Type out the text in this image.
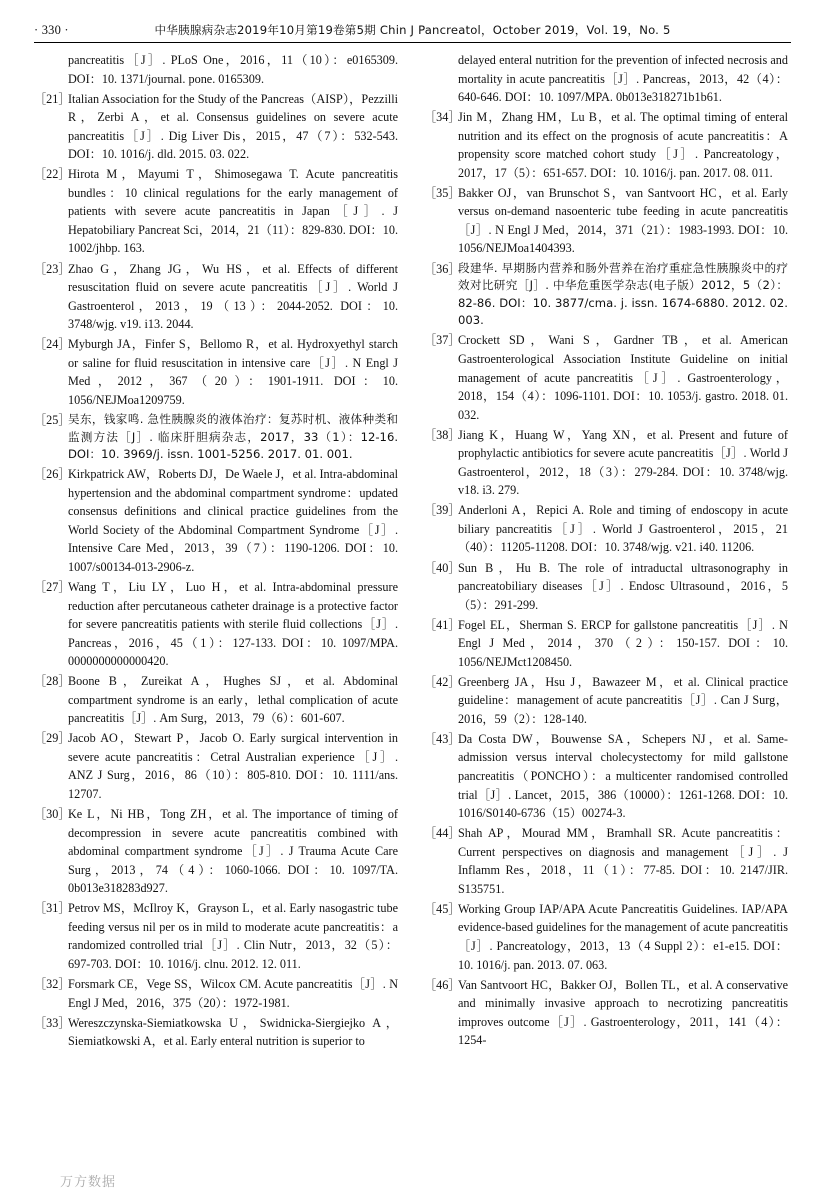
· 330 ·	中华胰腺病杂志2019年10月第19卷第5期 Chin J Pancreatol，October 2019，Vol. 19，No. 5
pancreatitis［J］. PLoS One，2016，11（10）：e0165309. DOI：10. 1371/journal. pone. 0165309.
［21］
Italian Association for the Study of the Pancreas（AISP），Pezzilli R，Zerbi A，et al. Consensus guidelines on severe acute pancreatitis［J］. Dig Liver Dis，2015，47（7）：532-543. DOI：10. 1016/j. dld. 2015. 03. 022.
［22］
Hirota M，Mayumi T，Shimosegawa T. Acute pancreatitis bundles：10 clinical regulations for the early management of patients with severe acute pancreatitis in Japan［J］. J Hepatobiliary Pancreat Sci，2014，21（11）：829-830. DOI：10. 1002/jhbp. 163.
［23］
Zhao G，Zhang JG，Wu HS，et al. Effects of different resuscitation fluid on severe acute pancreatitis［J］. World J Gastroenterol，2013，19（13）：2044-2052. DOI：10. 3748/wjg. v19. i13. 2044.
［24］
Myburgh JA，Finfer S，Bellomo R，et al. Hydroxyethyl starch or saline for fluid resuscitation in intensive care［J］. N Engl J Med，2012，367（20）：1901-1911. DOI：10. 1056/NEJMoa1209759.
［25］
吴东，钱家鸣. 急性胰腺炎的液体治疗：复苏时机、液体种类和监测方法［J］. 临床肝胆病杂志，2017，33（1）：12-16. DOI：10. 3969/j. issn. 1001-5256. 2017. 01. 001.
［26］
Kirkpatrick AW，Roberts DJ，De Waele J，et al. Intra-abdominal hypertension and the abdominal compartment syndrome：updated consensus definitions and clinical practice guidelines from the World Society of the Abdominal Compartment Syndrome［J］. Intensive Care Med，2013，39（7）：1190-1206. DOI：10. 1007/s00134-013-2906-z.
［27］
Wang T，Liu LY，Luo H，et al. Intra-abdominal pressure reduction after percutaneous catheter drainage is a protective factor for severe pancreatitis patients with sterile fluid collections［J］. Pancreas，2016，45（1）：127-133. DOI：10. 1097/MPA. 0000000000000420.
［28］
Boone B，Zureikat A，Hughes SJ，et al. Abdominal compartment syndrome is an early，lethal complication of acute pancreatitis［J］. Am Surg，2013，79（6）：601-607.
［29］
Jacob AO，Stewart P，Jacob O. Early surgical intervention in severe acute pancreatitis：Cetral Australian experience［J］. ANZ J Surg，2016，86（10）：805-810. DOI：10. 1111/ans. 12707.
［30］
Ke L，Ni HB，Tong ZH，et al. The importance of timing of decompression in severe acute pancreatitis combined with abdominal compartment syndrome［J］. J Trauma Acute Care Surg，2013，74（4）：1060-1066. DOI：10. 1097/TA. 0b013e318283d927.
［31］
Petrov MS，McIlroy K，Grayson L，et al. Early nasogastric tube feeding versus nil per os in mild to moderate acute pancreatitis：a randomized controlled trial［J］. Clin Nutr，2013，32（5）：697-703. DOI：10. 1016/j. clnu. 2012. 12. 011.
［32］
Forsmark CE，Vege SS，Wilcox CM. Acute pancreatitis［J］. N Engl J Med，2016，375（20）：1972-1981.
［33］
Wereszczynska-Siemiatkowska U，Swidnicka-Siergiejko A，Siemiatkowski A，et al. Early enteral nutrition is superior to
delayed enteral nutrition for the prevention of infected necrosis and mortality in acute pancreatitis［J］. Pancreas，2013，42（4）：640-646. DOI：10. 1097/MPA. 0b013e318271b1b61.
［34］
Jin M，Zhang HM，Lu B，et al. The optimal timing of enteral nutrition and its effect on the prognosis of acute pancreatitis：A propensity score matched cohort study［J］. Pancreatology，2017，17（5）：651-657. DOI：10. 1016/j. pan. 2017. 08. 011.
［35］
Bakker OJ，van Brunschot S，van Santvoort HC，et al. Early versus on-demand nasoenteric tube feeding in acute pancreatitis［J］. N Engl J Med，2014，371（21）：1983-1993. DOI：10. 1056/NEJMoa1404393.
［36］
段建华. 早期肠内营养和肠外营养在治疗重症急性胰腺炎中的疗效对比研究［J］. 中华危重医学杂志(电子版）2012，5（2）：82-86. DOI：10. 3877/cma. j. issn. 1674-6880. 2012. 02. 003.
［37］
Crockett SD，Wani S，Gardner TB，et al. American Gastroenterological Association Institute Guideline on initial management of acute pancreatitis［J］. Gastroenterology，2018，154（4）：1096-1101. DOI：10. 1053/j. gastro. 2018. 01. 032.
［38］
Jiang K，Huang W，Yang XN，et al. Present and future of prophylactic antibiotics for severe acute pancreatitis［J］. World J Gastroenterol，2012，18（3）：279-284. DOI：10. 3748/wjg. v18. i3. 279.
［39］
Anderloni A，Repici A. Role and timing of endoscopy in acute biliary pancreatitis［J］. World J Gastroenterol，2015，21（40）：11205-11208. DOI：10. 3748/wjg. v21. i40. 11206.
［40］
Sun B，Hu B. The role of intraductal ultrasonography in pancreatobiliary diseases［J］. Endosc Ultrasound，2016，5（5）：291-299.
［41］
Fogel EL，Sherman S. ERCP for gallstone pancreatitis［J］. N Engl J Med，2014，370（2）：150-157. DOI：10. 1056/NEJMct1208450.
［42］
Greenberg JA，Hsu J，Bawazeer M，et al. Clinical practice guideline：management of acute pancreatitis［J］. Can J Surg，2016，59（2）：128-140.
［43］
Da Costa DW，Bouwense SA，Schepers NJ，et al. Same-admission versus interval cholecystectomy for mild gallstone pancreatitis（PONCHO）：a multicenter randomised controlled trial［J］. Lancet，2015，386（10000）：1261-1268. DOI：10. 1016/S0140-6736（15）00274-3.
［44］
Shah AP，Mourad MM，Bramhall SR. Acute pancreatitis：Current perspectives on diagnosis and management［J］. J Inflamm Res，2018，11（1）：77-85. DOI：10. 2147/JIR. S135751.
［45］
Working Group IAP/APA Acute Pancreatitis Guidelines. IAP/APA evidence-based guidelines for the management of acute pancreatitis［J］. Pancreatology，2013，13（4 Suppl 2）：e1-e15. DOI：10. 1016/j. pan. 2013. 07. 063.
［46］
Van Santvoort HC，Bakker OJ，Bollen TL，et al. A conservative and minimally invasive approach to necrotizing pancreatitis improves outcome［J］. Gastroenterology，2011，141（4）：1254-
万方数据
